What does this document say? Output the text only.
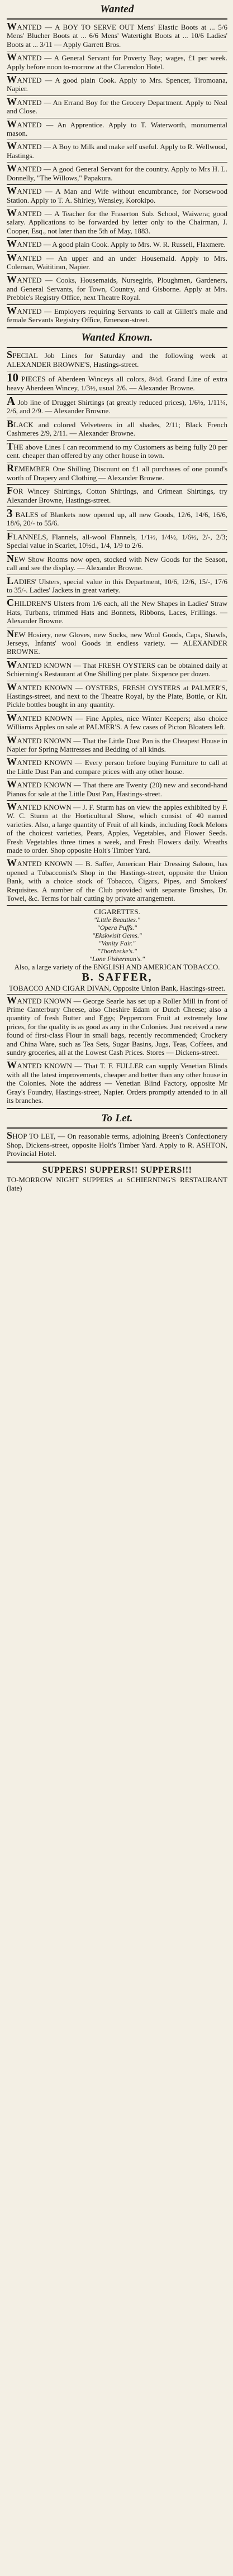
Wanted

WANTED — A BOY TO SERVE OUT Mens' Elastic Boots at ... 5/6 Mens' Blucher Boots at ... 6/6 Mens' Watertight Boots at ... 10/6 Ladies' Boots at ... 3/11 — Apply Garrett Bros.

WANTED — A General Servant for Poverty Bay; wages, £1 per week. Apply before noon to-morrow at the Clarendon Hotel.

WANTED — A good plain Cook. Apply to Mrs. Spencer, Tiromoana, Napier.

WANTED — An Errand Boy for the Grocery Department. Apply to Neal and Close.

WANTED — An Apprentice. Apply to T. Waterworth, monumental mason.

WANTED — A Boy to Milk and make self useful. Apply to R. Wellwood, Hastings.

WANTED — A good General Servant for the country. Apply to Mrs H. L. Donnelly, "The Willows," Papakura.

WANTED — A Man and Wife without encumbrance, for Norsewood Station. Apply to T. A. Shirley, Wensley, Korokipo.

WANTED — A Teacher for the Fraserton Sub. School, Waiwera; good salary. Applications to be forwarded by letter only to the Chairman, J. Cooper, Esq., not later than the 5th of May, 1883.

WANTED — A good plain Cook. Apply to Mrs. W. R. Russell, Flaxmere.

WANTED — An upper and an under Housemaid. Apply to Mrs. Coleman, Waititiran, Napier.

WANTED — Cooks, Housemaids, Nursegirls, Ploughmen, Gardeners, and General Servants, for Town, Country, and Gisborne. Apply at Mrs. Prebble's Registry Office, next Theatre Royal.

WANTED — Employers requiring Servants to call at Gillett's male and female Servants Registry Office, Emerson-street.

Wanted Known.

SPECIAL Job Lines for Saturday and the following week at ALEXANDER BROWNE'S, Hastings-street.

10 PIECES of Aberdeen Winceys all colors, 8½d. Grand Line of extra heavy Aberdeen Wincey, 1/3½, usual 2/6. — Alexander Browne.

A Job line of Drugget Shirtings (at greatly reduced prices), 1/6½, 1/11¼, 2/6, and 2/9. — Alexander Browne.

BLACK and colored Velveteens in all shades, 2/11; Black French Cashmeres 2/9, 2/11. — Alexander Browne.

THE above Lines I can recommend to my Customers as being fully 20 per cent. cheaper than offered by any other house in town.

REMEMBER One Shilling Discount on £1 all purchases of one pound's worth of Drapery and Clothing — Alexander Browne.

FOR Wincey Shirtings, Cotton Shirtings, and Crimean Shirtings, try Alexander Browne, Hastings-street.

3 BALES of Blankets now opened up, all new Goods, 12/6, 14/6, 16/6, 18/6, 20/- to 55/6.

FLANNELS, Flannels, all-wool Flannels, 1/1½, 1/4½, 1/6½, 2/-, 2/3; Special value in Scarlet, 10½d., 1/4, 1/9 to 2/6.

NEW Show Rooms now open, stocked with New Goods for the Season, call and see the display. — Alexander Browne.

LADIES' Ulsters, special value in this Department, 10/6, 12/6, 15/-, 17/6 to 35/-. Ladies' Jackets in great variety.

CHILDREN'S Ulsters from 1/6 each, all the New Shapes in Ladies' Straw Hats, Turbans, trimmed Hats and Bonnets, Ribbons, Laces, Frillings. — Alexander Browne.

NEW Hosiery, new Gloves, new Socks, new Wool Goods, Caps, Shawls, Jerseys, Infants' wool Goods in endless variety. — ALEXANDER BROWNE.

WANTED KNOWN — That FRESH OYSTERS can be obtained daily at Schierning's Restaurant at One Shilling per plate. Sixpence per dozen.

WANTED KNOWN — OYSTERS, FRESH OYSTERS at PALMER'S, Hastings-street, and next to the Theatre Royal, by the Plate, Bottle, or Kit. Pickle bottles bought in any quantity.

WANTED KNOWN — Fine Apples, nice Winter Keepers; also choice Williams Apples on sale at PALMER'S. A few cases of Picton Bloaters left.

WANTED KNOWN — That the Little Dust Pan is the Cheapest House in Napier for Spring Mattresses and Bedding of all kinds.

WANTED KNOWN — Every person before buying Furniture to call at the Little Dust Pan and compare prices with any other house.

WANTED KNOWN — That there are Twenty (20) new and second-hand Pianos for sale at the Little Dust Pan, Hastings-street.

WANTED KNOWN — J. F. Sturm has on view the apples exhibited by F. W. C. Sturm at the Horticultural Show, which consist of 40 named varieties. Also, a large quantity of Fruit of all kinds, including Rock Melons of the choicest varieties, Pears, Apples, Vegetables, and Flower Seeds. Fresh Vegetables three times a week, and Fresh Flowers daily. Wreaths made to order. Shop opposite Holt's Timber Yard.

WANTED KNOWN — B. Saffer, American Hair Dressing Saloon, has opened a Tobacconist's Shop in the Hastings-street, opposite the Union Bank, with a choice stock of Tobacco, Cigars, Pipes, and Smokers' Requisites. A number of the Club provided with separate Brushes, Dr. Towel, &c. Terms for hair cutting by private arrangement.

CIGARETTES.
"Little Beauties."
"Opera Puffs."
"Ekskwisit Gems."
"Vanity Fair."
"Thorbecke's."
"Lone Fisherman's."
Also, a large variety of the ENGLISH AND AMERICAN TOBACCO.
B. SAFFER,
TOBACCO AND CIGAR DIVAN, Opposite Union Bank, Hastings-street.

WANTED KNOWN — George Searle has set up a Roller Mill in front of Prime Canterbury Cheese, also Cheshire Edam or Dutch Cheese; also a quantity of fresh Butter and Eggs; Peppercorn Fruit at extremely low prices, for the quality is as good as any in the Colonies. Just received a new found of first-class Flour in small bags, recently recommended; Crockery and China Ware, such as Tea Sets, Sugar Basins, Jugs, Teas, Coffees, and sundry groceries, all at the Lowest Cash Prices. Stores — Dickens-street.

WANTED KNOWN — That T. F. FULLER can supply Venetian Blinds with all the latest improvements, cheaper and better than any other house in the Colonies. Note the address — Venetian Blind Factory, opposite Mr Gray's Foundry, Hastings-street, Napier. Orders promptly attended to in all its branches.

To Let.

SHOP TO LET, — On reasonable terms, adjoining Breen's Confectionery Shop, Dickens-street, opposite Holt's Timber Yard. Apply to R. ASHTON, Provincial Hotel.

SUPPERS! SUPPERS!! SUPPERS!!!

TO-MORROW NIGHT SUPPERS at SCHIERNING'S RESTAURANT (late)
